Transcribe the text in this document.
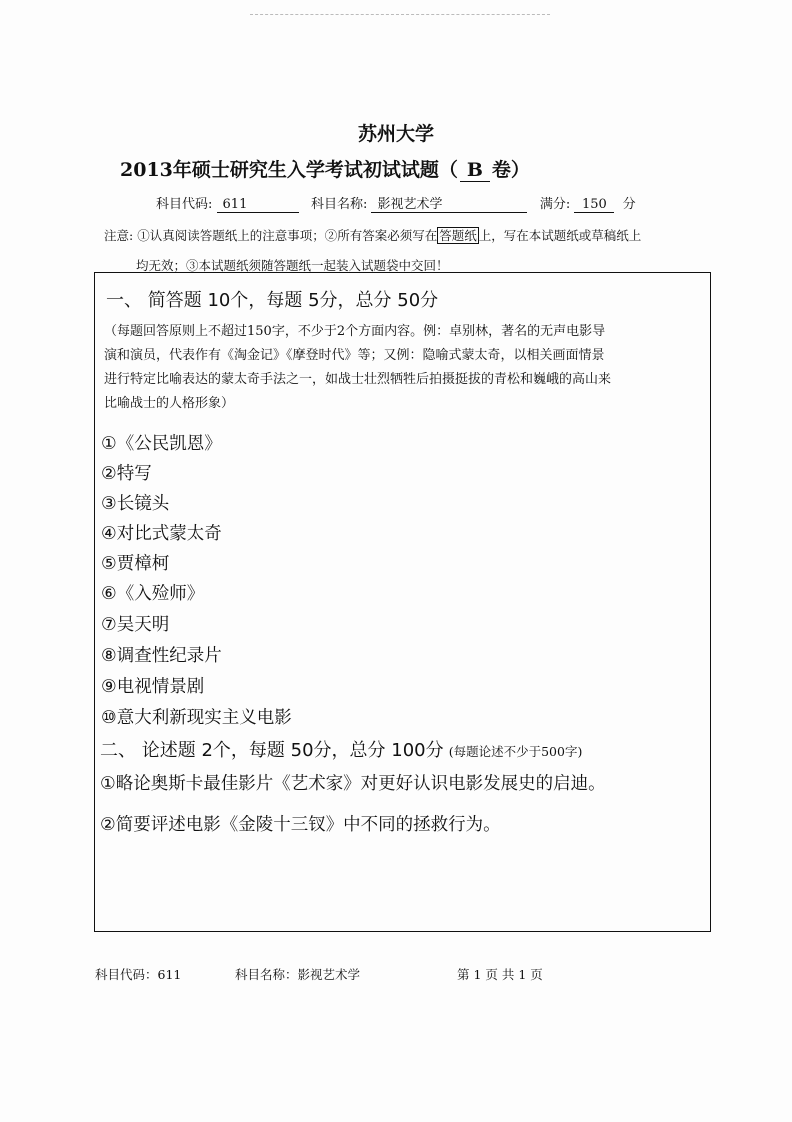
苏州大学
2013年硕士研究生入学考试初试试题（ B 卷）
科目代码: 611	科目名称: 影视艺术学	满分: 150 分
注意: ①认真阅读答题纸上的注意事项；②所有答案必须写在 答题纸 上，写在本试题纸或草稿纸上
均无效；③本试题纸须随答题纸一起装入试题袋中交回！
一、 简答题 10个，每题 5分，总分 50分
（每题回答原则上不超过150字，不少于2个方面内容。例：卓别林，著名的无声电影导
演和演员，代表作有《淘金记》《摩登时代》等；又例：隐喻式蒙太奇，以相关画面情景
进行特定比喻表达的蒙太奇手法之一，如战士壮烈牺牲后拍摄挺拔的青松和巍峨的高山来
比喻战士的人格形象）
①《公民凯恩》
②特写
③长镜头
④对比式蒙太奇
⑤贾樟柯
⑥《入殓师》
⑦吴天明
⑧调查性纪录片
⑨电视情景剧
⑩意大利新现实主义电影
二、 论述题 2个，每题 50分，总分 100分 (每题论述不少于500字)
①略论奥斯卡最佳影片《艺术家》对更好认识电影发展史的启迪。
②简要评述电影《金陵十三钗》中不同的拯救行为。
科目代码：611	科目名称：影视艺术学	第 1 页 共 1 页
